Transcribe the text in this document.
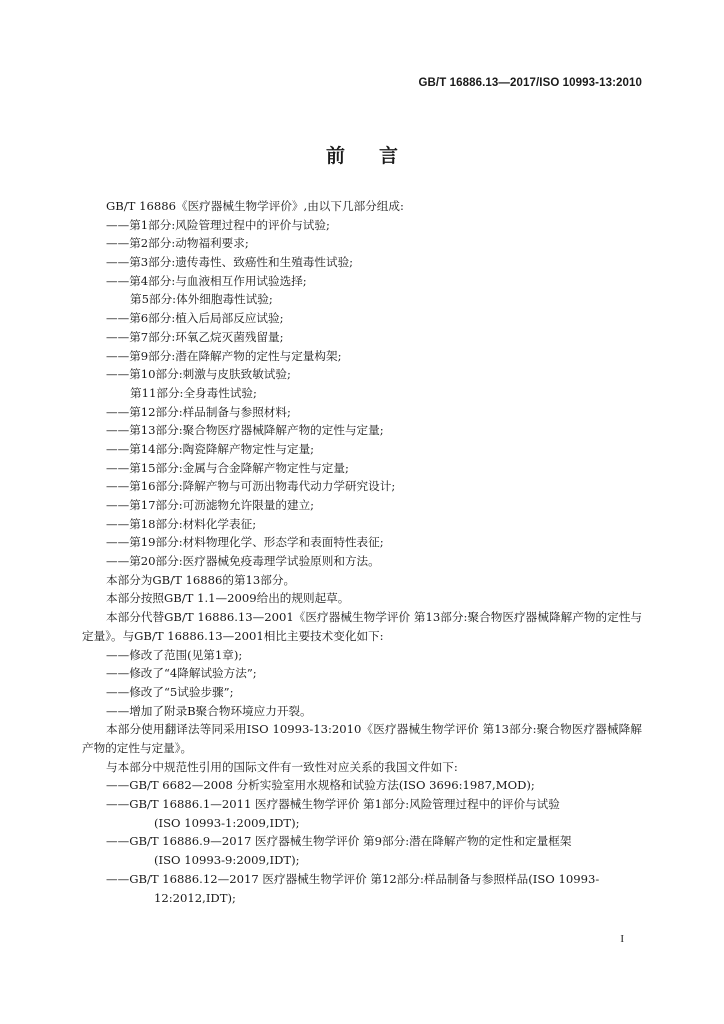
GB/T 16886.13—2017/ISO 10993-13:2010
前言
GB/T 16886《医疗器械生物学评价》,由以下几部分组成:
——第1部分:风险管理过程中的评价与试验;
——第2部分:动物福利要求;
——第3部分:遗传毒性、致癌性和生殖毒性试验;
——第4部分:与血液相互作用试验选择;
第5部分:体外细胞毒性试验;
——第6部分:植入后局部反应试验;
——第7部分:环氧乙烷灭菌残留量;
——第9部分:潜在降解产物的定性与定量构架;
——第10部分:刺激与皮肤致敏试验;
第11部分:全身毒性试验;
——第12部分:样品制备与参照材料;
——第13部分:聚合物医疗器械降解产物的定性与定量;
——第14部分:陶瓷降解产物定性与定量;
——第15部分:金属与合金降解产物定性与定量;
——第16部分:降解产物与可沥出物毒代动力学研究设计;
——第17部分:可沥滤物允许限量的建立;
——第18部分:材料化学表征;
——第19部分:材料物理化学、形态学和表面特性表征;
——第20部分:医疗器械免疫毒理学试验原则和方法。
本部分为GB/T 16886的第13部分。
本部分按照GB/T 1.1—2009给出的规则起草。
本部分代替GB/T 16886.13—2001《医疗器械生物学评价 第13部分:聚合物医疗器械降解产物的定性与定量》。与GB/T 16886.13—2001相比主要技术变化如下:
——修改了范围(见第1章);
——修改了“4降解试验方法”;
——修改了“5试验步骤”;
——增加了附录B聚合物环境应力开裂。
本部分使用翻译法等同采用ISO 10993-13:2010《医疗器械生物学评价 第13部分:聚合物医疗器械降解产物的定性与定量》。
与本部分中规范性引用的国际文件有一致性对应关系的我国文件如下:
——GB/T 6682—2008 分析实验室用水规格和试验方法(ISO 3696:1987,MOD);
——GB/T 16886.1—2011 医疗器械生物学评价 第1部分:风险管理过程中的评价与试验
(ISO 10993-1:2009,IDT);
——GB/T 16886.9—2017 医疗器械生物学评价 第9部分:潜在降解产物的定性和定量框架
(ISO 10993-9:2009,IDT);
——GB/T 16886.12—2017 医疗器械生物学评价 第12部分:样品制备与参照样品(ISO 10993-
12:2012,IDT);
I
